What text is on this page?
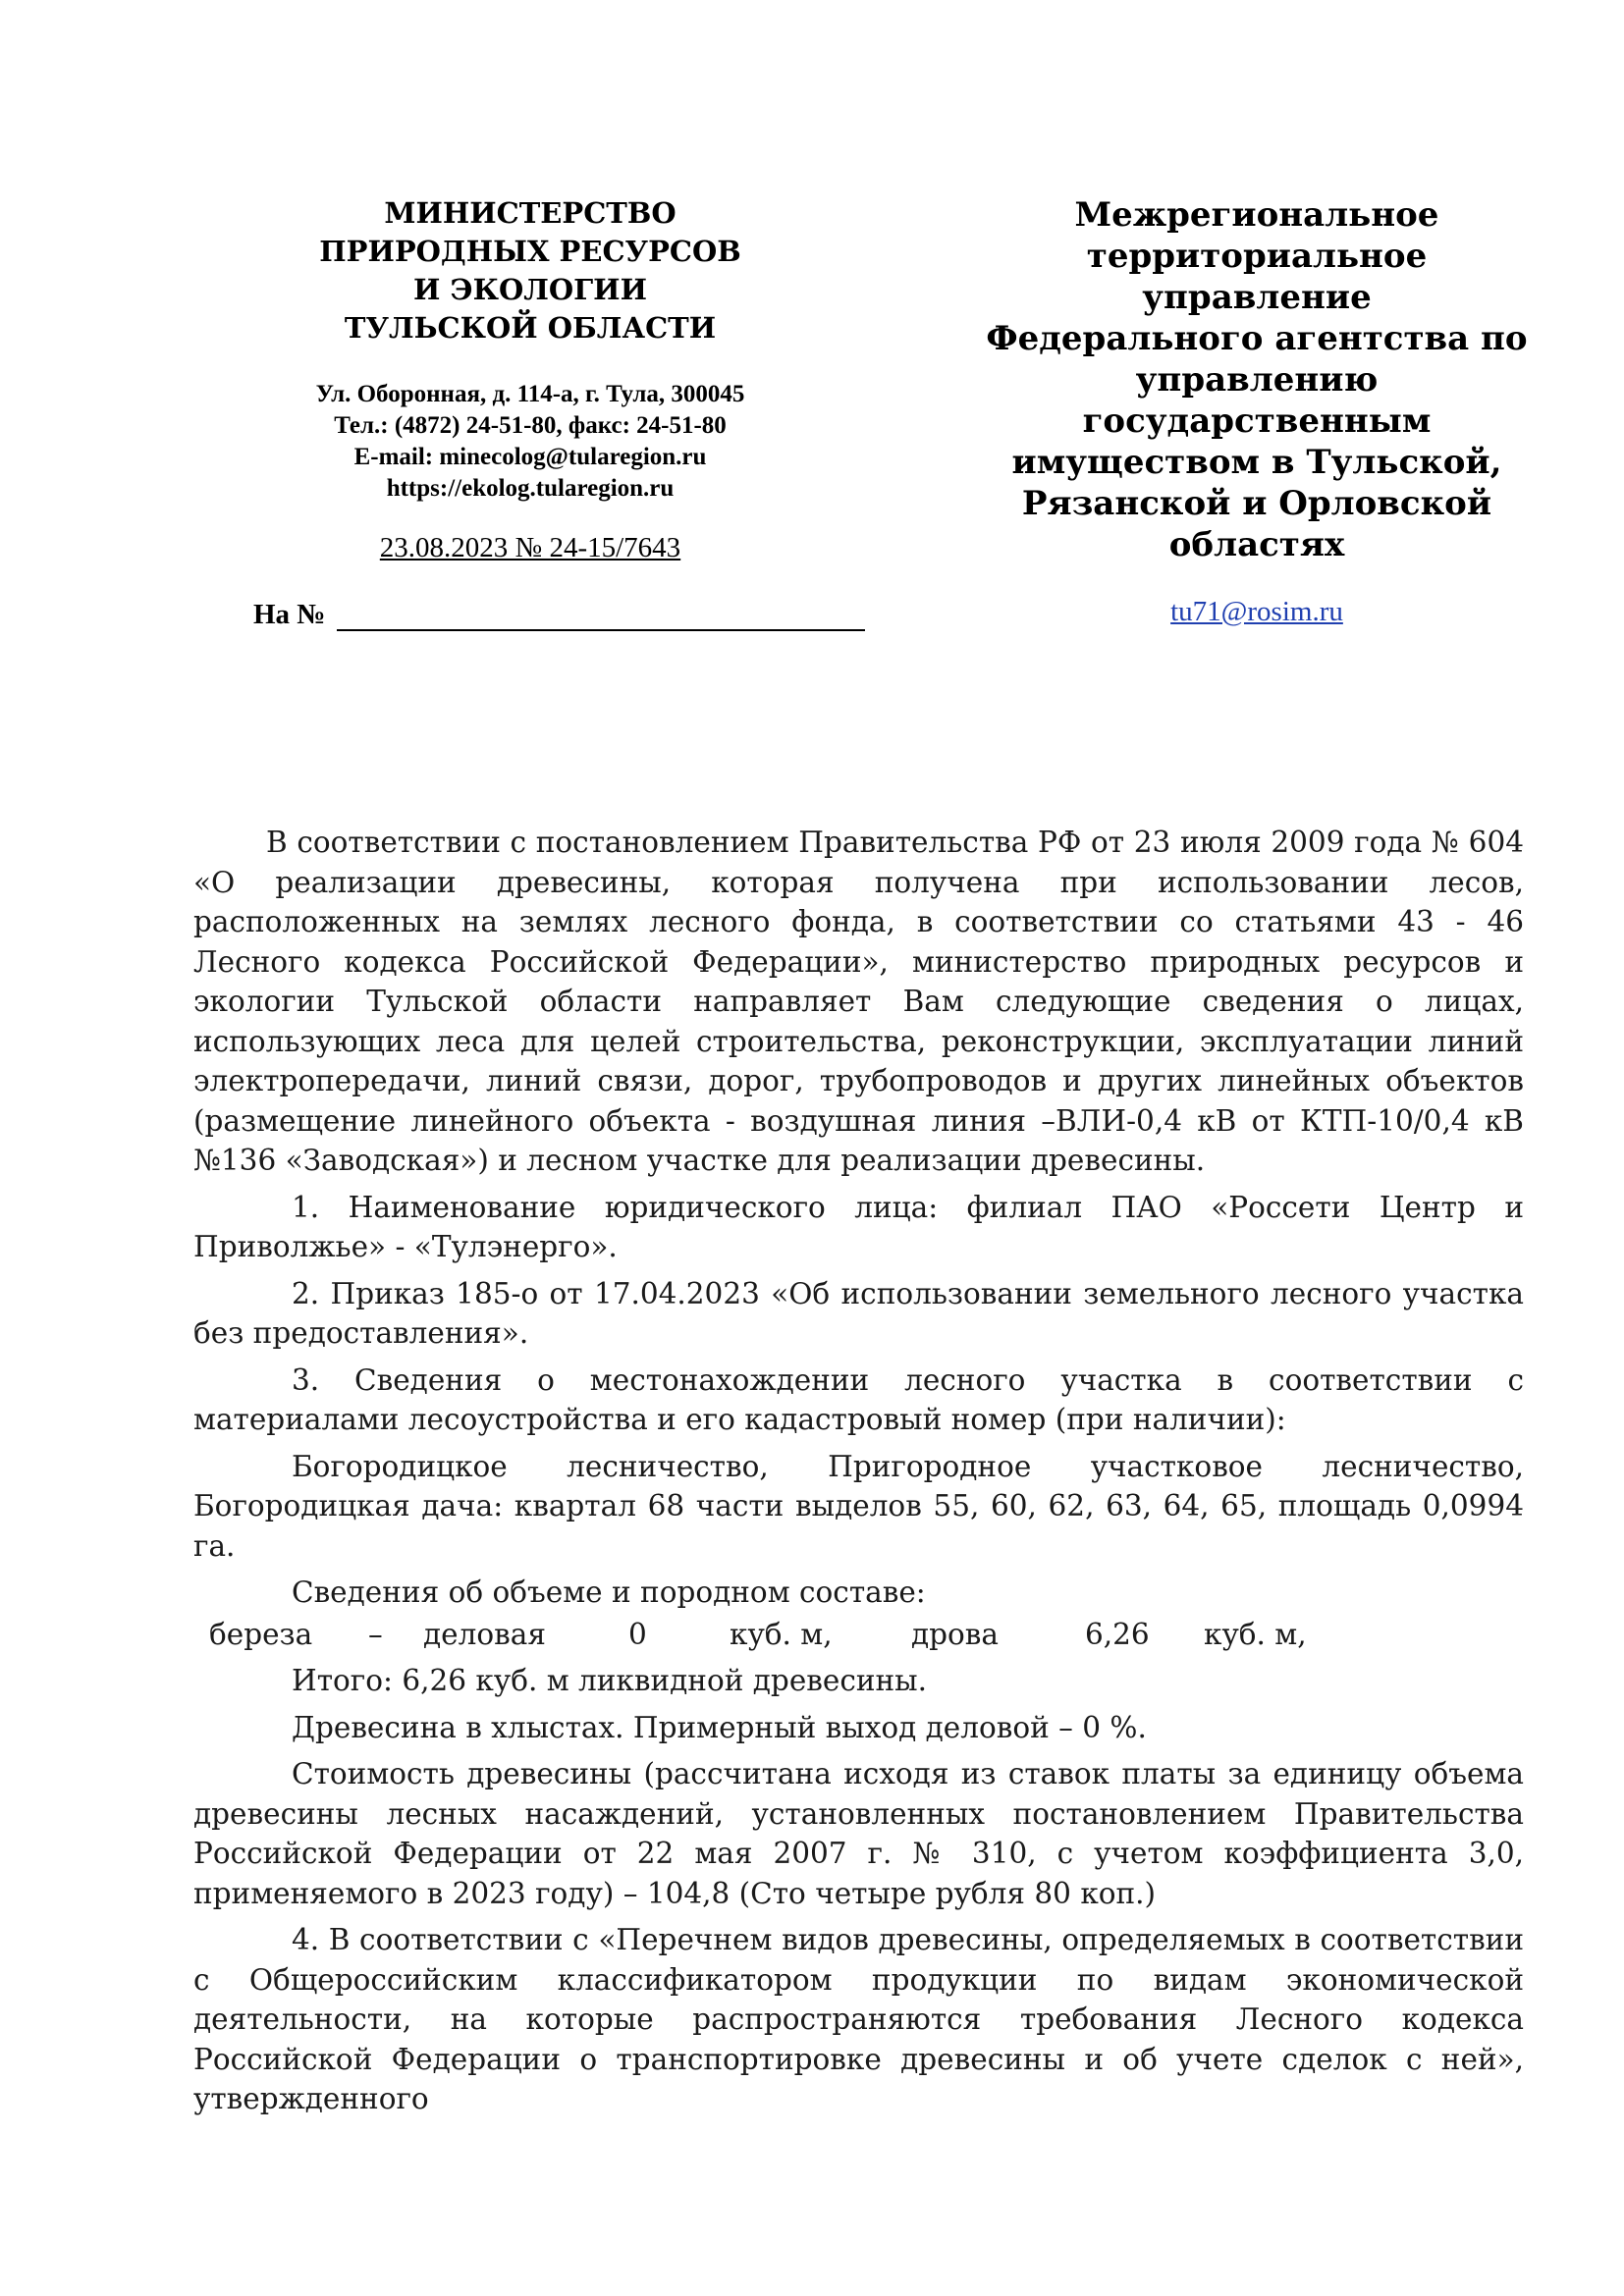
МИНИСТЕРСТВО
ПРИРОДНЫХ РЕСУРСОВ
И ЭКОЛОГИИ
ТУЛЬСКОЙ ОБЛАСТИ
Ул. Оборонная, д. 114-а, г. Тула, 300045
Тел.: (4872) 24-51-80, факс: 24-51-80
E-mail: minecolog@tularegion.ru
https://ekolog.tularegion.ru
23.08.2023 № 24-15/7643
На №
Межрегиональное
территориальное управление
Федерального агентства по
управлению государственным
имуществом в Тульской,
Рязанской и Орловской
областях
tu71@rosim.ru

В соответствии с постановлением Правительства РФ от 23 июля 2009 года № 604 «О реализации древесины, которая получена при использовании лесов, расположенных на землях лесного фонда, в соответствии со статьями 43 - 46 Лесного кодекса Российской Федерации», министерство природных ресурсов и экологии Тульской области направляет Вам следующие сведения о лицах, использующих леса для целей строительства, реконструкции, эксплуатации линий электропередачи, линий связи, дорог, трубопроводов и других линейных объектов (размещение линейного объекта - воздушная линия –ВЛИ-0,4 кВ от КТП-10/0,4 кВ №136 «Заводская») и лесном участке для реализации древесины.

1. Наименование юридического лица: филиал ПАО «Россети Центр и Приволжье» - «Тулэнерго».

2. Приказ 185-о от 17.04.2023 «Об использовании земельного лесного участка без предоставления».

3. Сведения о местонахождении лесного участка в соответствии с материалами лесоустройства и его кадастровый номер (при наличии):

Богородицкое лесничество, Пригородное участковое лесничество, Богородицкая дача: квартал 68 части выделов 55, 60, 62, 63, 64, 65, площадь 0,0994 га.

Сведения об объеме и породном составе:

береза – деловая	0	куб. м,	дрова	6,26 куб. м,

Итого: 6,26 куб. м ликвидной древесины.

Древесина в хлыстах. Примерный выход деловой – 0 %.

Стоимость древесины (рассчитана исходя из ставок платы за единицу объема древесины лесных насаждений, установленных постановлением Правительства Российской Федерации от 22 мая 2007 г. № 310, с учетом коэффициента 3,0, применяемого в 2023 году) – 104,8 (Сто четыре рубля 80 коп.)

4. В соответствии с «Перечнем видов древесины, определяемых в соответствии с Общероссийским классификатором продукции по видам экономической деятельности, на которые распространяются требования Лесного кодекса Российской Федерации о транспортировке древесины и об учете сделок с ней», утвержденного
